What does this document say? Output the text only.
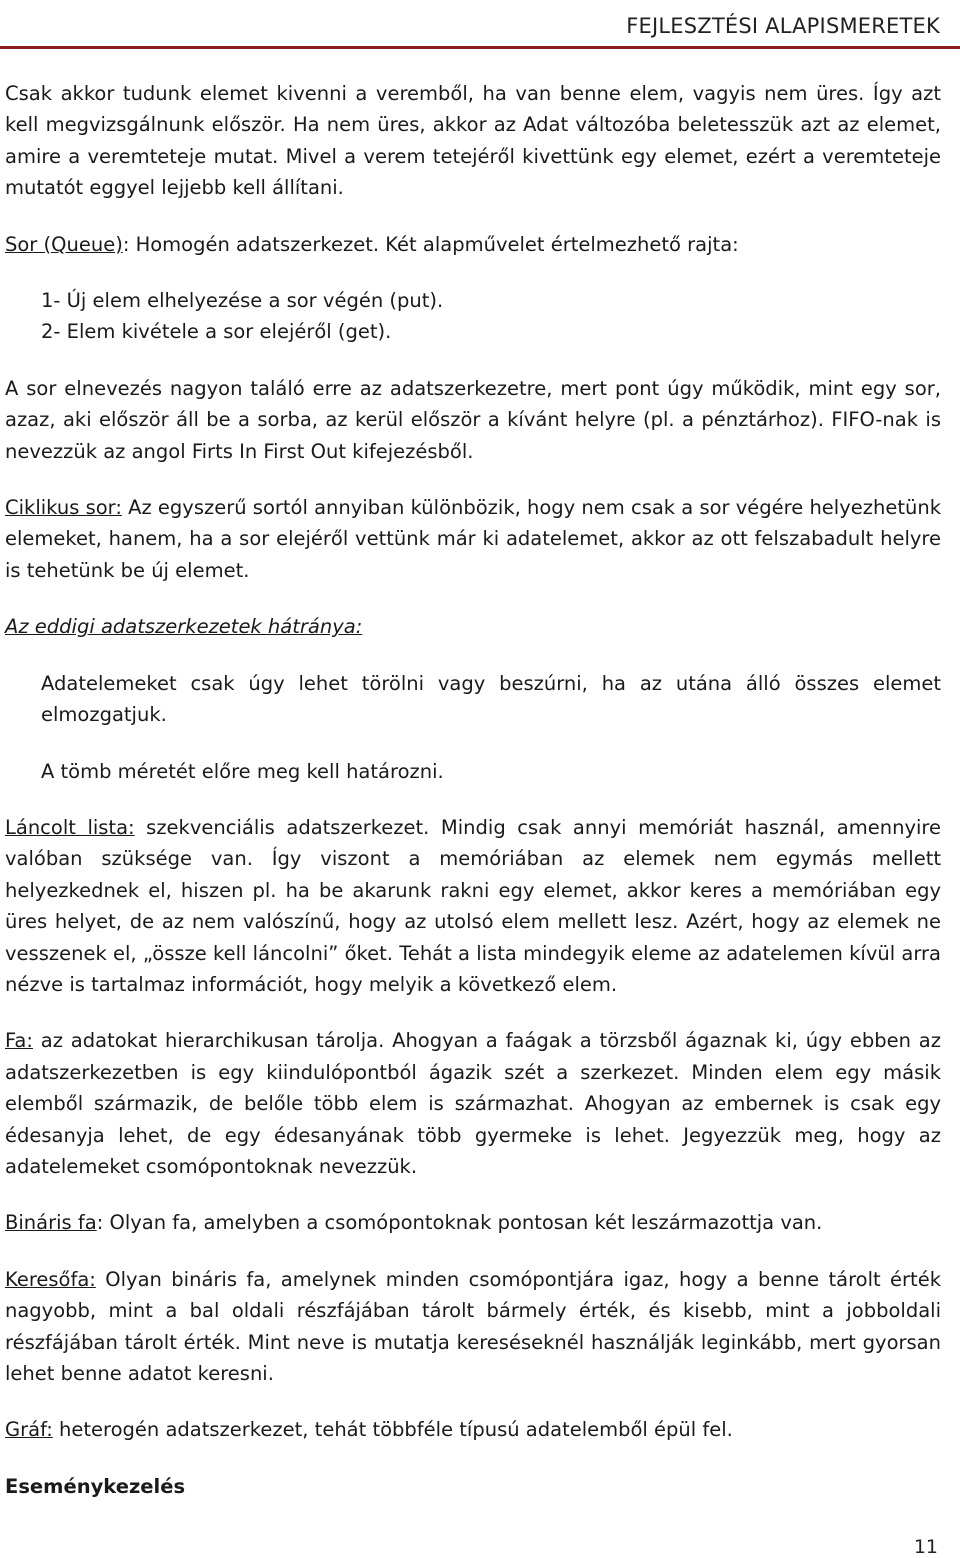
FEJLESZTÉSI ALAPISMERETEK

Csak akkor tudunk elemet kivenni a veremből, ha van benne elem, vagyis nem üres. Így azt kell megvizsgálnunk először. Ha nem üres, akkor az Adat változóba beletesszük azt az elemet, amire a veremteteje mutat. Mivel a verem tetejéről kivettünk egy elemet, ezért a veremteteje mutatót eggyel lejjebb kell állítani.

Sor (Queue): Homogén adatszerkezet. Két alapművelet értelmezhető rajta:

1- Új elem elhelyezése a sor végén (put).
2- Elem kivétele a sor elejéről (get).

A sor elnevezés nagyon találó erre az adatszerkezetre, mert pont úgy működik, mint egy sor, azaz, aki először áll be a sorba, az kerül először a kívánt helyre (pl. a pénztárhoz). FIFO-nak is nevezzük az angol Firts In First Out kifejezésből.

Ciklikus sor: Az egyszerű sortól annyiban különbözik, hogy nem csak a sor végére helyezhetünk elemeket, hanem, ha a sor elejéről vettünk már ki adatelemet, akkor az ott felszabadult helyre is tehetünk be új elemet.

Az eddigi adatszerkezetek hátránya:

Adatelemeket csak úgy lehet törölni vagy beszúrni, ha az utána álló összes elemet elmozgatjuk.

A tömb méretét előre meg kell határozni.

Láncolt lista: szekvenciális adatszerkezet. Mindig csak annyi memóriát használ, amennyire valóban szüksége van. Így viszont a memóriában az elemek nem egymás mellett helyezkednek el, hiszen pl. ha be akarunk rakni egy elemet, akkor keres a memóriában egy üres helyet, de az nem valószínű, hogy az utolsó elem mellett lesz. Azért, hogy az elemek ne vesszenek el, „össze kell láncolni” őket. Tehát a lista mindegyik eleme az adatelemen kívül arra nézve is tartalmaz információt, hogy melyik a következő elem.

Fa: az adatokat hierarchikusan tárolja. Ahogyan a faágak a törzsből ágaznak ki, úgy ebben az adatszerkezetben is egy kiindulópontból ágazik szét a szerkezet. Minden elem egy másik elemből származik, de belőle több elem is származhat. Ahogyan az embernek is csak egy édesanyja lehet, de egy édesanyának több gyermeke is lehet. Jegyezzük meg, hogy az adatelemeket csomópontoknak nevezzük.

Bináris fa: Olyan fa, amelyben a csomópontoknak pontosan két leszármazottja van.

Keresőfa: Olyan bináris fa, amelynek minden csomópontjára igaz, hogy a benne tárolt érték nagyobb, mint a bal oldali részfájában tárolt bármely érték, és kisebb, mint a jobboldali részfájában tárolt érték. Mint neve is mutatja kereséseknél használják leginkább, mert gyorsan lehet benne adatot keresni.

Gráf: heterogén adatszerkezet, tehát többféle típusú adatelemből épül fel.

Eseménykezelés

11
